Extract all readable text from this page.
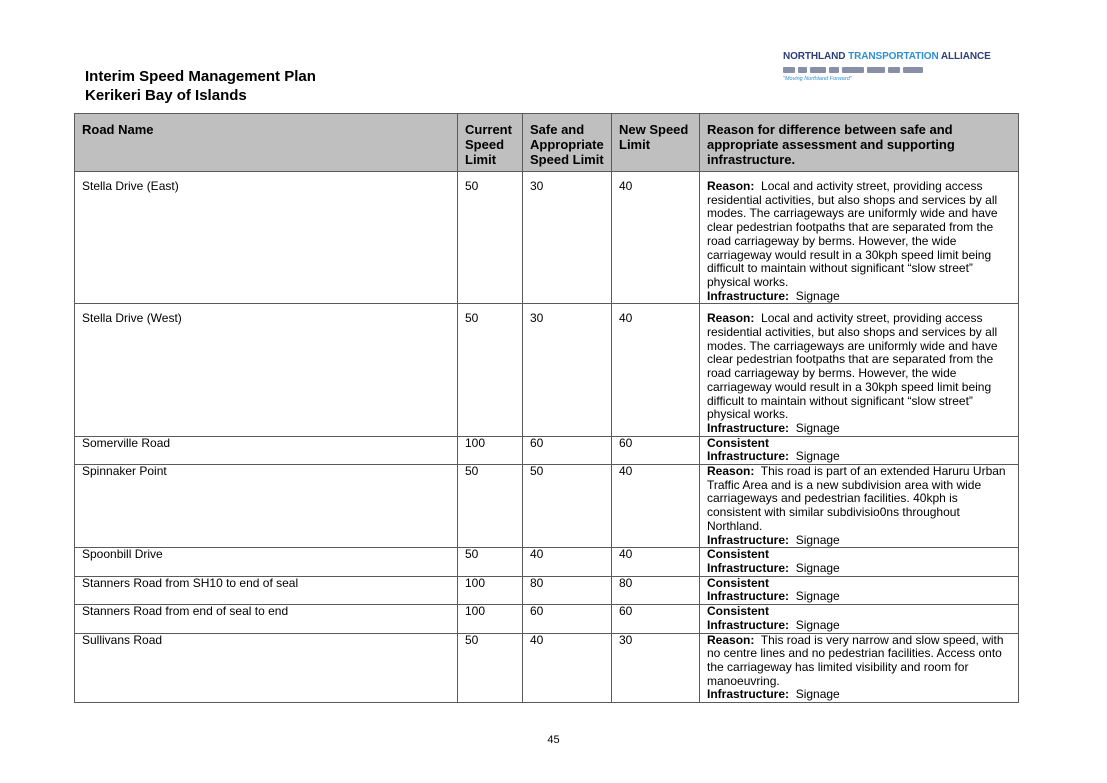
Interim Speed Management Plan
Kerikeri Bay of Islands
NORTHLAND TRANSPORTATION ALLIANCE
"Moving Northland Forward"
Road Name	Current Speed Limit	Safe and Appropriate Speed Limit	New Speed Limit	Reason for difference between safe and appropriate assessment and supporting infrastructure.
Stella Drive (East)	50	30	40	Reason: Local and activity street, providing access residential activities, but also shops and services by all modes. The carriageways are uniformly wide and have clear pedestrian footpaths that are separated from the road carriageway by berms. However, the wide carriageway would result in a 30kph speed limit being difficult to maintain without significant “slow street” physical works.
Infrastructure: Signage

Stella Drive (West)	50	30	40	Reason: Local and activity street, providing access residential activities, but also shops and services by all modes. The carriageways are uniformly wide and have clear pedestrian footpaths that are separated from the road carriageway by berms. However, the wide carriageway would result in a 30kph speed limit being difficult to maintain without significant “slow street” physical works.
Infrastructure: Signage

Somerville Road	100	60	60	Consistent
Infrastructure: Signage

Spinnaker Point	50	50	40	Reason: This road is part of an extended Haruru Urban Traffic Area and is a new subdivision area with wide carriageways and pedestrian facilities. 40kph is consistent with similar subdivisio0ns throughout Northland.
Infrastructure: Signage

Spoonbill Drive	50	40	40	Consistent
Infrastructure: Signage

Stanners Road from SH10 to end of seal	100	80	80	Consistent
Infrastructure: Signage

Stanners Road from end of seal to end	100	60	60	Consistent
Infrastructure: Signage

Sullivans Road	50	40	30	Reason: This road is very narrow and slow speed, with no centre lines and no pedestrian facilities. Access onto the carriageway has limited visibility and room for manoeuvring.
Infrastructure: Signage
45
